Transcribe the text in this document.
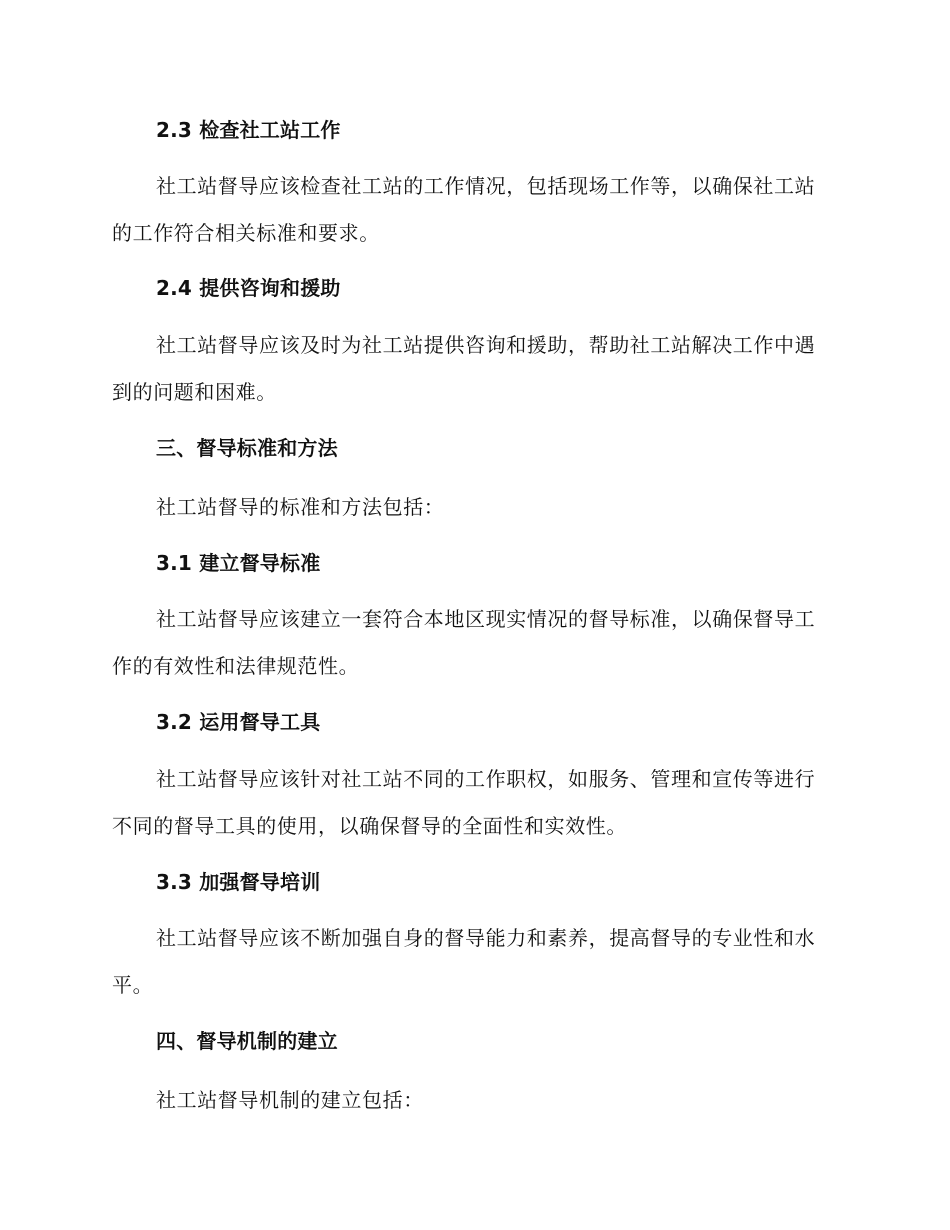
2.3 检查社工站工作

社工站督导应该检查社工站的工作情况，包括现场工作等，以确保社工站的工作符合相关标准和要求。

2.4 提供咨询和援助

社工站督导应该及时为社工站提供咨询和援助，帮助社工站解决工作中遇到的问题和困难。

三、督导标准和方法

社工站督导的标准和方法包括：

3.1 建立督导标准

社工站督导应该建立一套符合本地区现实情况的督导标准，以确保督导工作的有效性和法律规范性。

3.2 运用督导工具

社工站督导应该针对社工站不同的工作职权，如服务、管理和宣传等进行不同的督导工具的使用，以确保督导的全面性和实效性。

3.3 加强督导培训

社工站督导应该不断加强自身的督导能力和素养，提高督导的专业性和水平。

四、督导机制的建立

社工站督导机制的建立包括：
